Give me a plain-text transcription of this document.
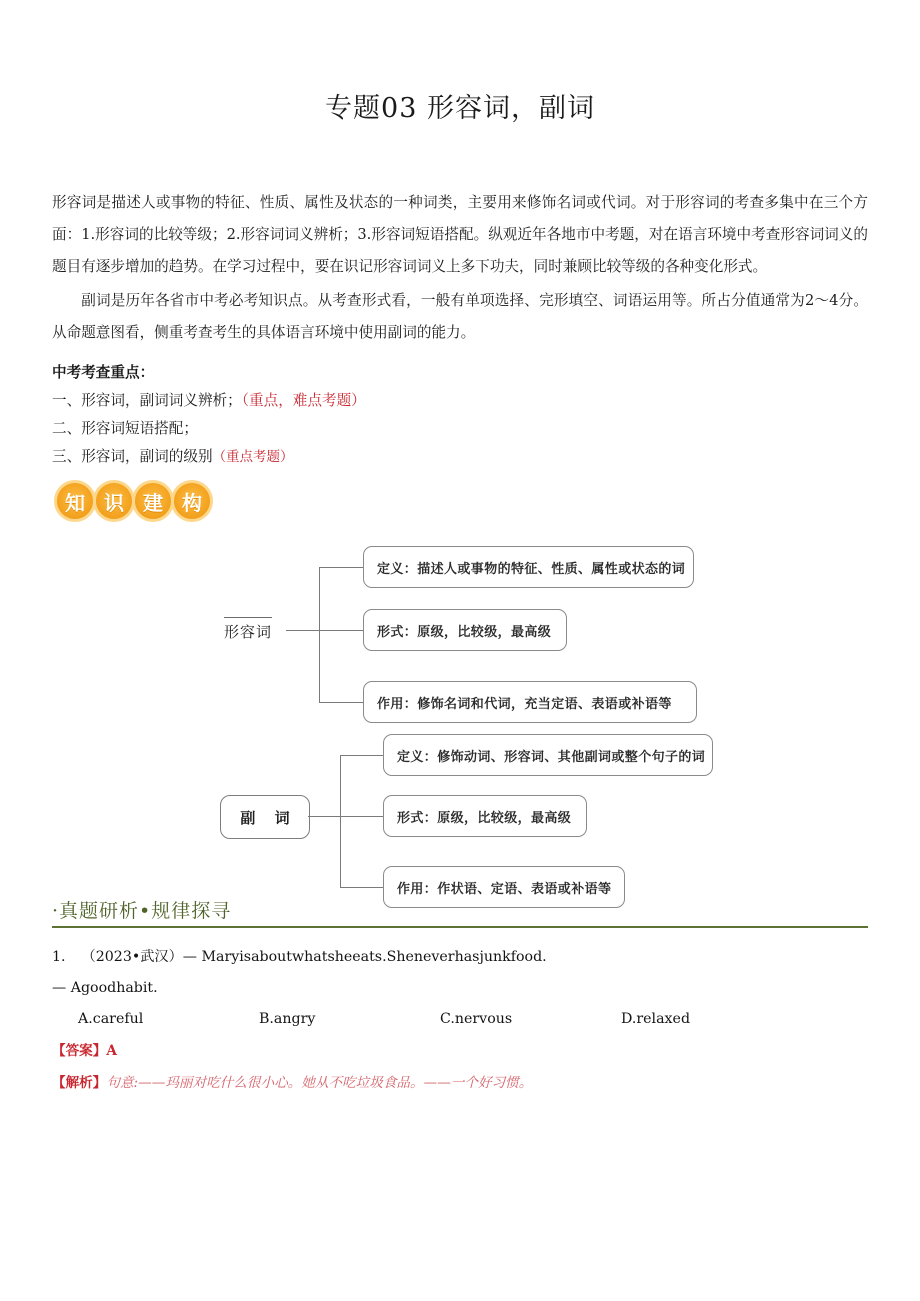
专题03 形容词，副词

形容词是描述人或事物的特征、性质、属性及状态的一种词类，主要用来修饰名词或代词。对于形容词的考查多集中在三个方面：1.形容词的比较等级；2.形容词词义辨析；3.形容词短语搭配。纵观近年各地市中考题，对在语言环境中考查形容词词义的题目有逐步增加的趋势。在学习过程中，要在识记形容词词义上多下功夫，同时兼顾比较等级的各种变化形式。

副词是历年各省市中考必考知识点。从考查形式看，一般有单项选择、完形填空、词语运用等。所占分值通常为2～4分。从命题意图看，侧重考查考生的具体语言环境中使用副词的能力。

中考考查重点：

一、形容词，副词词义辨析；（重点，难点考题）

二、形容词短语搭配；

三、形容词，副词的级别（重点考题）

知 识 建 构
形容词
定义：描述人或事物的特征、性质、属性或状态的词
形式：原级，比较级，最高级
作用：修饰名词和代词，充当定语、表语或补语等
副 词
定义：修饰动词、形容词、其他副词或整个句子的词
形式：原级，比较级，最高级
作用：作状语、定语、表语或补语等
·真题研析•规律探寻

1. （2023•武汉）— Maryisaboutwhatsheeats.Sheneverhasjunkfood.

— Agoodhabit.

A.careful	B.angry	C.nervous	D.relaxed

【答案】A

【解析】句意:——玛丽对吃什么很小心。她从不吃垃圾食品。——一个好习惯。
